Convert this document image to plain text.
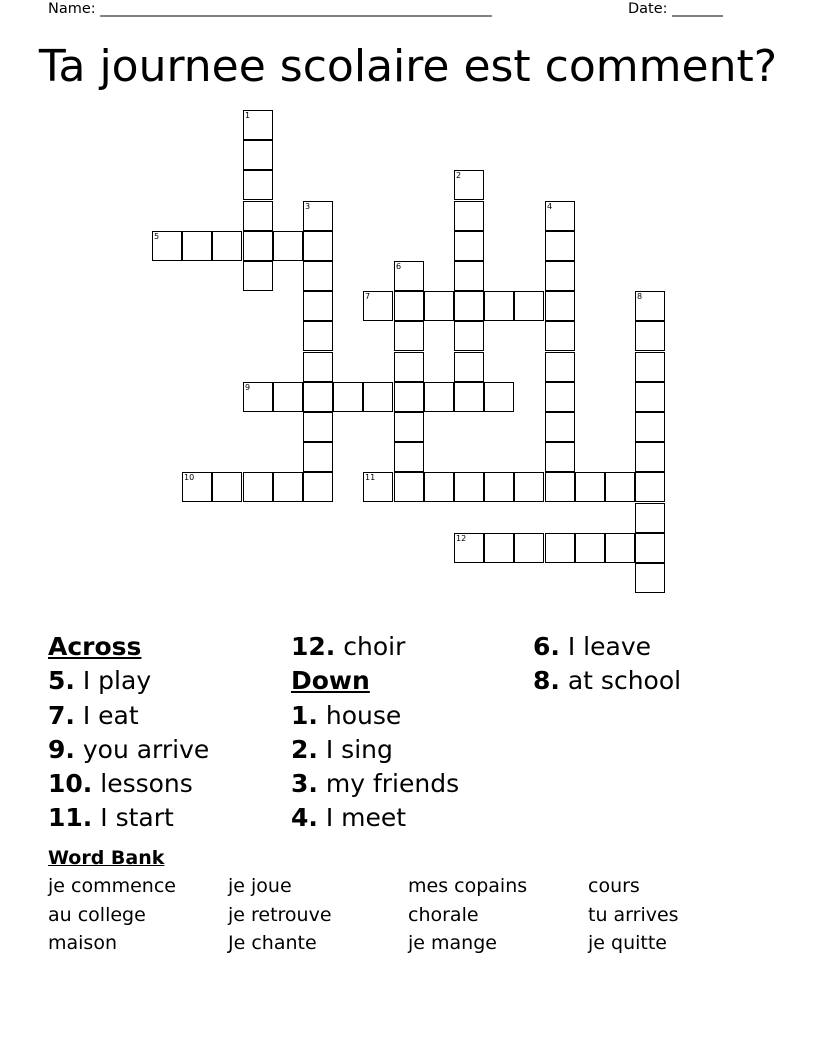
Name: ______________________________________________________	Date: _______
Ta journee scolaire est comment?
1
2
3	4
5
6
7	8
9
10	11
12
Across
5. I play
7. I eat
9. you arrive
10. lessons
11. I start
12. choir
Down
1. house
2. I sing
3. my friends
4. I meet
6. I leave
8. at school
Word Bank
je commence	je joue	mes copains	cours
au college	je retrouve	chorale	tu arrives
maison	Je chante	je mange	je quitte
